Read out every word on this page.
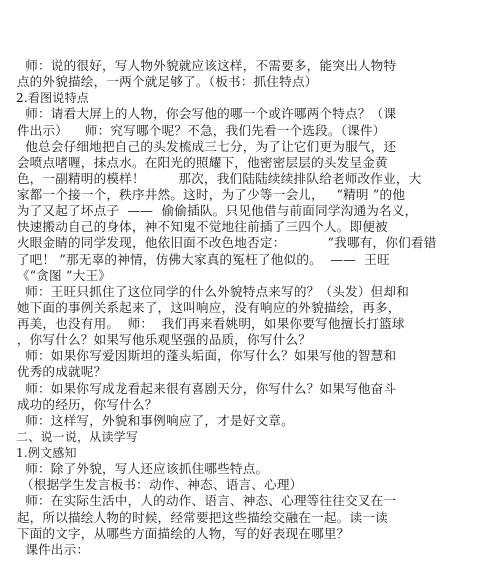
师：说的很好，写人物外貌就应该这样，不需要多，能突出人物特
点的外貌描绘，一两个就足够了。（板书：抓住特点）
2.看图说特点
师：请看大屏上的人物，你会写他的哪一个或许哪两个特点？（课
件出示）    师：究写哪个呢？不急，我们先看一个选段。（课件）
他总会仔细地把自己的头发梳成三七分，为了让它们更为服气，还
会喷点啫喱，抹点水。在阳光的照耀下，他密密层层的头发呈金黄
色，一副精明的模样！        那次，我们陆陆续续排队给老师改作业，大
家都一个接一个，秩序井然。这时，为了少等一会儿，   “精明 ”的他
为了又起了坏点子  ——  偷偷插队。只见他借与前面同学沟通为名义，
快速搬动自己的身体，神不知鬼不觉地往前插了三四个人。即便被
火眼金睛的同学发现，他依旧面不改色地否定：          “我哪有，你们看错
了吧！ ”那无辜的神情，仿佛大家真的冤枉了他似的。  ——  王旺
《“贪图 ”大王》
师：王旺只抓住了这位同学的什么外貌特点来写的？（头发）但却和
她下面的事例关系起来了，这叫响应，没有响应的外貌描绘，再多，
再美，也没有用。  师：  我们再来看姚明，如果你要写他擅长打篮球
，你写什么？如果写他乐观坚强的品质，你写什么？
师：如果你写爱因斯坦的蓬头垢面，你写什么？如果写他的智慧和
优秀的成就呢？
师：如果你写成龙看起来很有喜剧天分，你写什么？如果写他奋斗
成功的经历，你写什么？
师：这样写，外貌和事例响应了，才是好文章。
二、说一说，从读学写
1.例文感知
师：除了外貌，写人还应该抓住哪些特点。
（根据学生发言板书：动作、神态、语言、心理）
师：在实际生活中，人的动作、语言、神态、心理等往往交叉在一
起，所以描绘人物的时候，经常要把这些描绘交融在一起。读一读
下面的文字，从哪些方面描绘的人物，写的好表现在哪里？
课件出示：
